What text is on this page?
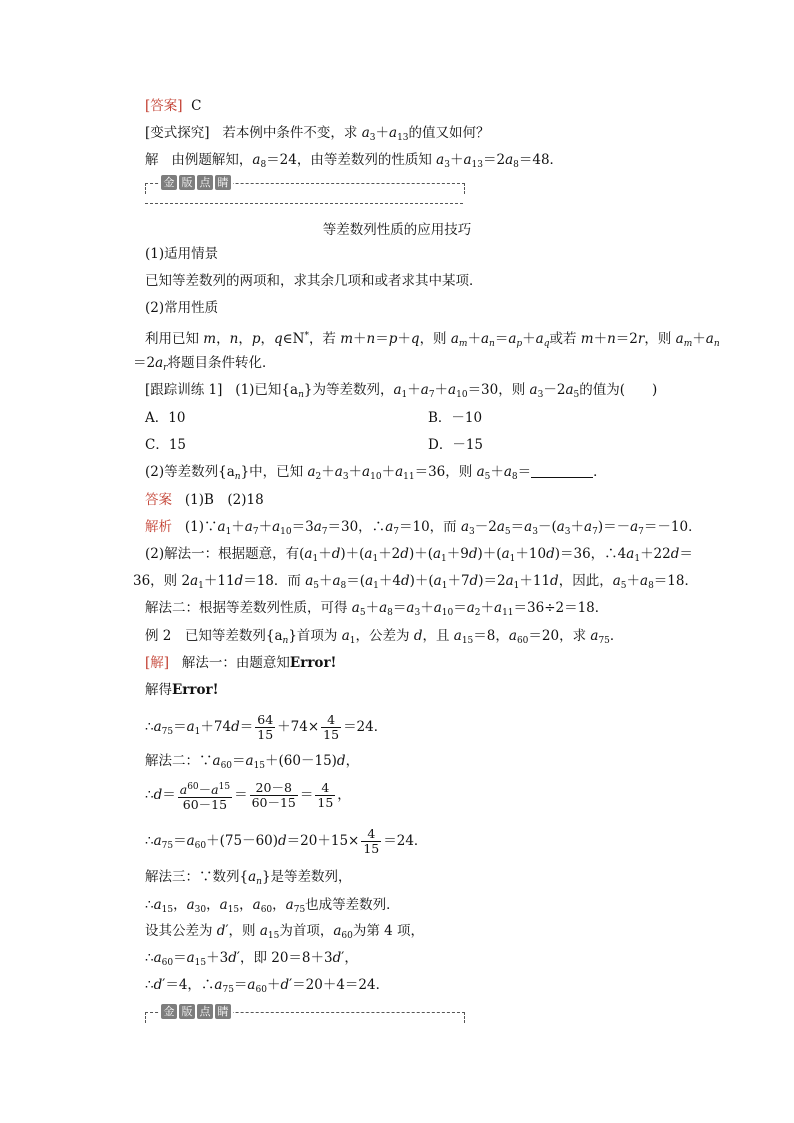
[答案] C
[变式探究] 若本例中条件不变，求 $a_3+a_{13}$的值又如何？
解 由例题解知，$a_8=24$，由等差数列的性质知 $a_3+a_{13}=2a_8=48$．
金 版 点 睛
等差数列性质的应用技巧
(1)适用情景
已知等差数列的两项和，求其余几项和或者求其中某项．
(2)常用性质
利用已知 m，n，p，q∈N*，若 m＋n＝p＋q，则 $a_m+a_n=a_p+a_q$或若 m＋n＝2r，则 $a_m+a_n$
$=2a_r$将题目条件转化．
[跟踪训练 1] (1)已知$\{a_n\}$为等差数列，$a_1+a_7+a_{10}=30$，则 $a_3-2a_5$的值为(　　)
A．10	B．－10
C．15	D．－15
(2)等差数列$\{a_n\}$中，已知 $a_2+a_3+a_{10}+a_{11}=36$，则 $a_5+a_8=$	．
答案 (1)B　(2)18
解析   $(1)\because a_1+a_7+a_{10}=3a_7=30$，$\therefore a_7=10$，而 $a_3-2a_5=a_3-(a_3+a_7)=-a_7=-10$．
(2)解法一：根据题意，有$(a_1+d)+(a_1+2d)+(a_1+9d)+(a_1+10d)=36$，$\therefore 4a_1+22d=$
36，则 $2a_1+11d=18$．而 $a_5+a_8=(a_1+4d)+(a_1+7d)=2a_1+11d$，因此，$a_5+a_8=18$．
解法二：根据等差数列性质，可得 $a_5+a_8=a_3+a_{10}=a_2+a_{11}=36\div 2=18$．
例 2　已知等差数列$\{a_n\}$首项为 $a_1$，公差为 d，且 $a_{15}=8$，$a_{60}=20$，求 $a_{75}$．
[解] 解法一：由题意知Error!
解得Error!
$\therefore a_{75}=a_1+74d= \frac{64}{15} +74\times \frac{4}{15} =24$．
解法二：$\because a_{60}=a_{15}+(60-15)d$，
∴d＝ $\frac{a^{60}-a^{15}}{60-15} = \frac{20-8}{60-15} = \frac{4}{15}$ ，
$\therefore a_{75}=a_{60}+(75-60)d=20+15\times \frac{4}{15} =24$．
解法三：∵数列$\{a_n\}$是等差数列，
$\therefore a_{15}$，$a_{30}$，$a_{15}$，$a_{60}$，$a_{75}$也成等差数列．
设其公差为 d′，则 $a_{15}$为首项，$a_{60}$为第 4 项，
$\therefore a_{60}=a_{15}+3d'$，即 20＝8＋3d′，
∴d′＝4，$\therefore a_{75}=a_{60}+d'=20+4=24$．
金 版 点 睛
